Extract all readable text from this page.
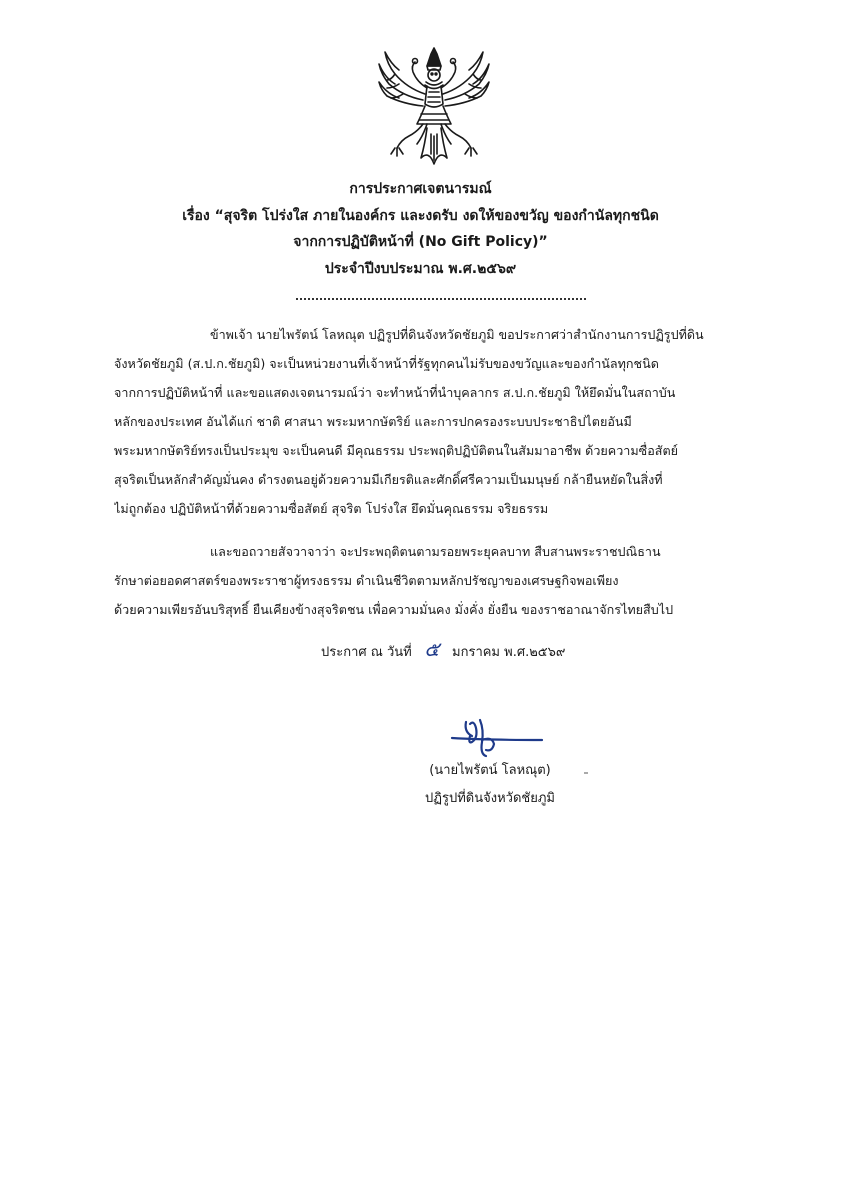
การประกาศเจตนารมณ์
เรื่อง “สุจริต โปร่งใส ภายในองค์กร และงดรับ งดให้ของขวัญ ของกำนัลทุกชนิด
จากการปฏิบัติหน้าที่ (No Gift Policy)”
ประจำปีงบประมาณ พ.ศ.๒๕๖๙
ข้าพเจ้า นายไพรัตน์ โลหณุต ปฏิรูปที่ดินจังหวัดชัยภูมิ ขอประกาศว่าสำนักงานการปฏิรูปที่ดิน
จังหวัดชัยภูมิ (ส.ป.ก.ชัยภูมิ) จะเป็นหน่วยงานที่เจ้าหน้าที่รัฐทุกคนไม่รับของขวัญและของกำนัลทุกชนิด
จากการปฏิบัติหน้าที่ และขอแสดงเจตนารมณ์ว่า จะทำหน้าที่นำบุคลากร ส.ป.ก.ชัยภูมิ ให้ยึดมั่นในสถาบัน
หลักของประเทศ อันได้แก่ ชาติ ศาสนา พระมหากษัตริย์ และการปกครองระบบประชาธิปไตยอันมี
พระมหากษัตริย์ทรงเป็นประมุข จะเป็นคนดี มีคุณธรรม ประพฤติปฏิบัติตนในสัมมาอาชีพ ด้วยความซื่อสัตย์
สุจริตเป็นหลักสำคัญมั่นคง ดำรงตนอยู่ด้วยความมีเกียรติและศักดิ์ศรีความเป็นมนุษย์ กล้ายืนหยัดในสิ่งที่
ไม่ถูกต้อง ปฏิบัติหน้าที่ด้วยความซื่อสัตย์ สุจริต โปร่งใส ยึดมั่นคุณธรรม จริยธรรม
และขอถวายสัจวาจาว่า จะประพฤติตนตามรอยพระยุคลบาท สืบสานพระราชปณิธาน
รักษาต่อยอดศาสตร์ของพระราชาผู้ทรงธรรม ดำเนินชีวิตตามหลักปรัชญาของเศรษฐกิจพอเพียง
ด้วยความเพียรอันบริสุทธิ์ ยืนเคียงข้างสุจริตชน เพื่อความมั่นคง มั่งคั่ง ยั่งยืน ของราชอาณาจักรไทยสืบไป
ประกาศ ณ วันที่ ๕ มกราคม พ.ศ.๒๕๖๙
(นายไพรัตน์ โลหณุต)
ปฏิรูปที่ดินจังหวัดชัยภูมิ
